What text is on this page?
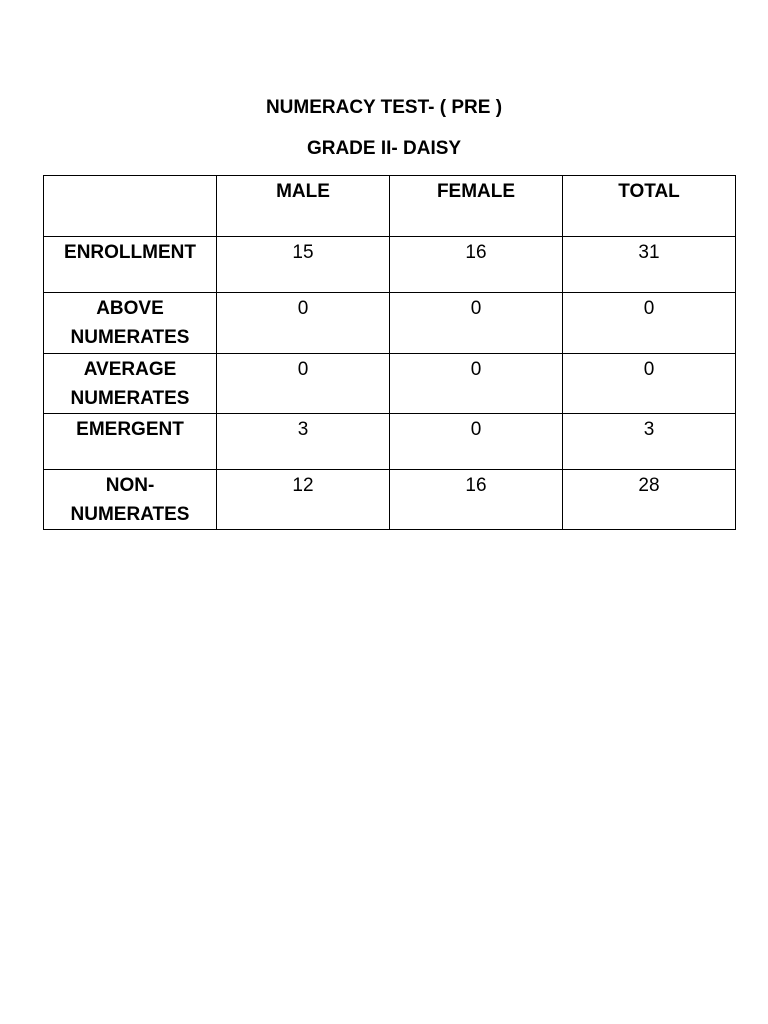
NUMERACY TEST- ( PRE )
GRADE II- DAISY
	MALE	FEMALE	TOTAL
ENROLLMENT	15	16	31
ABOVE NUMERATES	0	0	0
AVERAGE NUMERATES	0	0	0
EMERGENT	3	0	3
NON-NUMERATES	12	16	28
